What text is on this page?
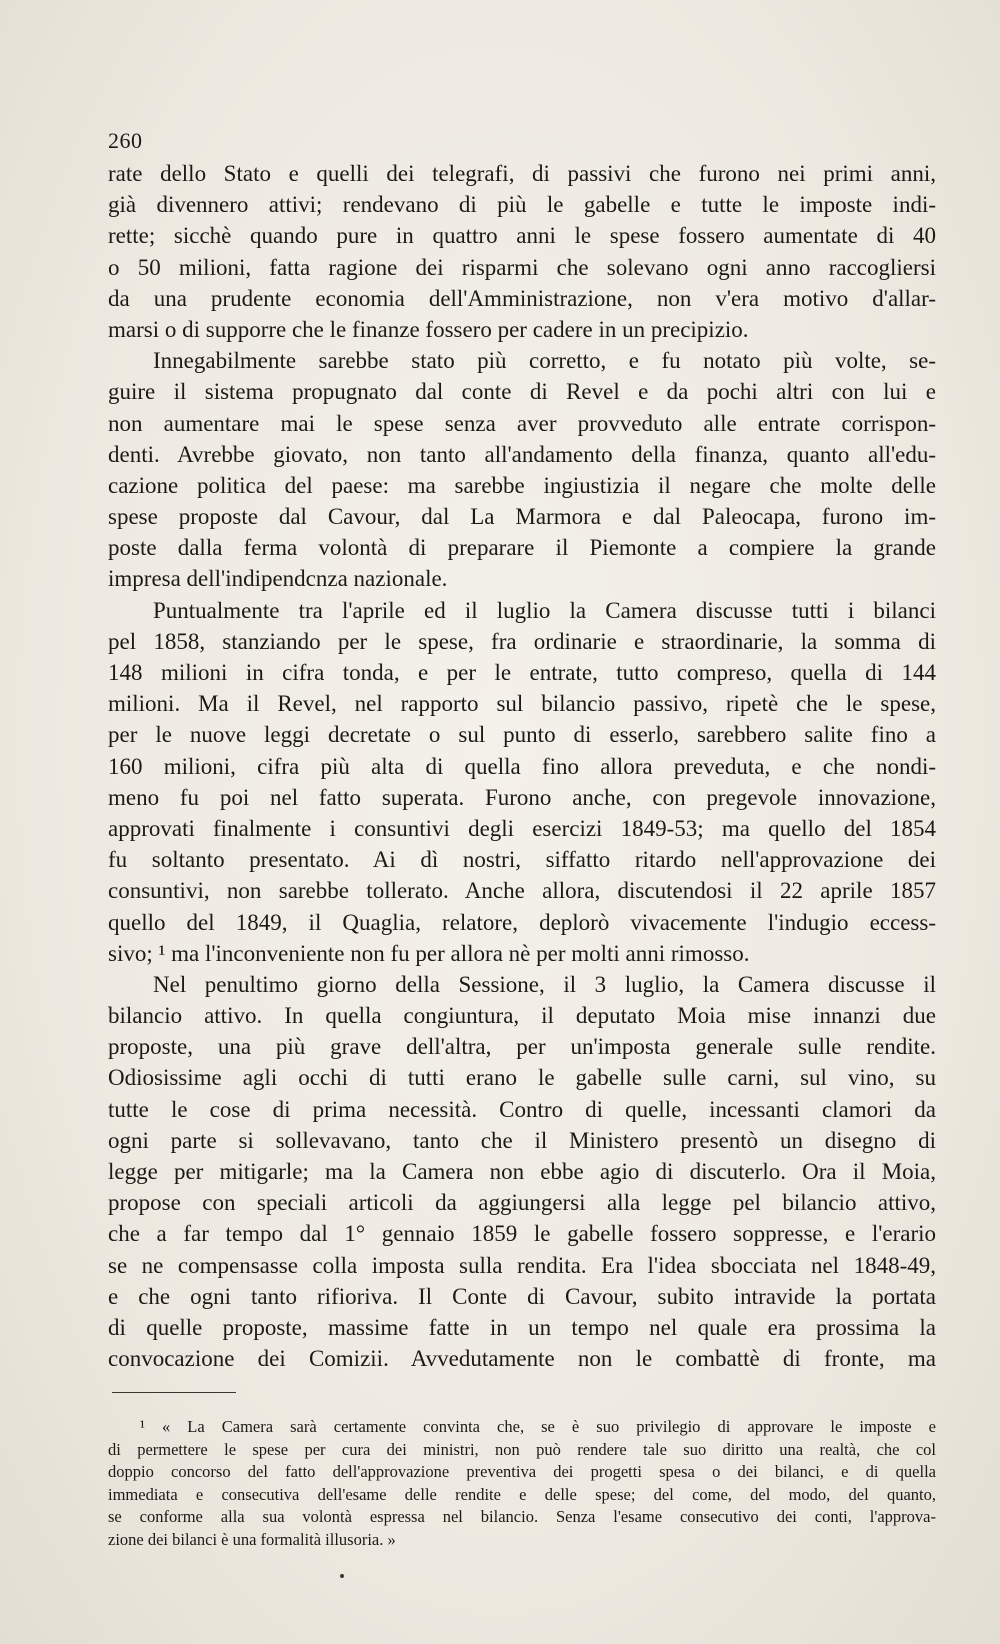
260
rate dello Stato e quelli dei telegrafi, di passivi che furono nei primi anni,
già divennero attivi; rendevano di più le gabelle e tutte le imposte indi-
rette; sicchè quando pure in quattro anni le spese fossero aumentate di 40
o 50 milioni, fatta ragione dei risparmi che solevano ogni anno raccogliersi
da una prudente economia dell'Amministrazione, non v'era motivo d'allar-
marsi o di supporre che le finanze fossero per cadere in un precipizio.
Innegabilmente sarebbe stato più corretto, e fu notato più volte, se-
guire il sistema propugnato dal conte di Revel e da pochi altri con lui e
non aumentare mai le spese senza aver provveduto alle entrate corrispon-
denti. Avrebbe giovato, non tanto all'andamento della finanza, quanto all'edu-
cazione politica del paese: ma sarebbe ingiustizia il negare che molte delle
spese proposte dal Cavour, dal La Marmora e dal Paleocapa, furono im-
poste dalla ferma volontà di preparare il Piemonte a compiere la grande
impresa dell'indipendcnza nazionale.
Puntualmente tra l'aprile ed il luglio la Camera discusse tutti i bilanci
pel 1858, stanziando per le spese, fra ordinarie e straordinarie, la somma di
148 milioni in cifra tonda, e per le entrate, tutto compreso, quella di 144
milioni. Ma il Revel, nel rapporto sul bilancio passivo, ripetè che le spese,
per le nuove leggi decretate o sul punto di esserlo, sarebbero salite fino a
160 milioni, cifra più alta di quella fino allora preveduta, e che nondi-
meno fu poi nel fatto superata. Furono anche, con pregevole innovazione,
approvati finalmente i consuntivi degli esercizi 1849-53; ma quello del 1854
fu soltanto presentato. Ai dì nostri, siffatto ritardo nell'approvazione dei
consuntivi, non sarebbe tollerato. Anche allora, discutendosi il 22 aprile 1857
quello del 1849, il Quaglia, relatore, deplorò vivacemente l'indugio eccess-
sivo; ¹ ma l'inconveniente non fu per allora nè per molti anni rimosso.
Nel penultimo giorno della Sessione, il 3 luglio, la Camera discusse il
bilancio attivo. In quella congiuntura, il deputato Moia mise innanzi due
proposte, una più grave dell'altra, per un'imposta generale sulle rendite.
Odiosissime agli occhi di tutti erano le gabelle sulle carni, sul vino, su
tutte le cose di prima necessità. Contro di quelle, incessanti clamori da
ogni parte si sollevavano, tanto che il Ministero presentò un disegno di
legge per mitigarle; ma la Camera non ebbe agio di discuterlo. Ora il Moia,
propose con speciali articoli da aggiungersi alla legge pel bilancio attivo,
che a far tempo dal 1° gennaio 1859 le gabelle fossero soppresse, e l'erario
se ne compensasse colla imposta sulla rendita. Era l'idea sbocciata nel 1848-49,
e che ogni tanto rifioriva. Il Conte di Cavour, subito intravide la portata
di quelle proposte, massime fatte in un tempo nel quale era prossima la
convocazione dei Comizii. Avvedutamente non le combattè di fronte, ma
¹ « La Camera sarà certamente convinta che, se è suo privilegio di approvare le imposte e
di permettere le spese per cura dei ministri, non può rendere tale suo diritto una realtà, che col
doppio concorso del fatto dell'approvazione preventiva dei progetti spesa o dei bilanci, e di quella
immediata e consecutiva dell'esame delle rendite e delle spese; del come, del modo, del quanto,
se conforme alla sua volontà espressa nel bilancio. Senza l'esame consecutivo dei conti, l'approva-
zione dei bilanci è una formalità illusoria. »
